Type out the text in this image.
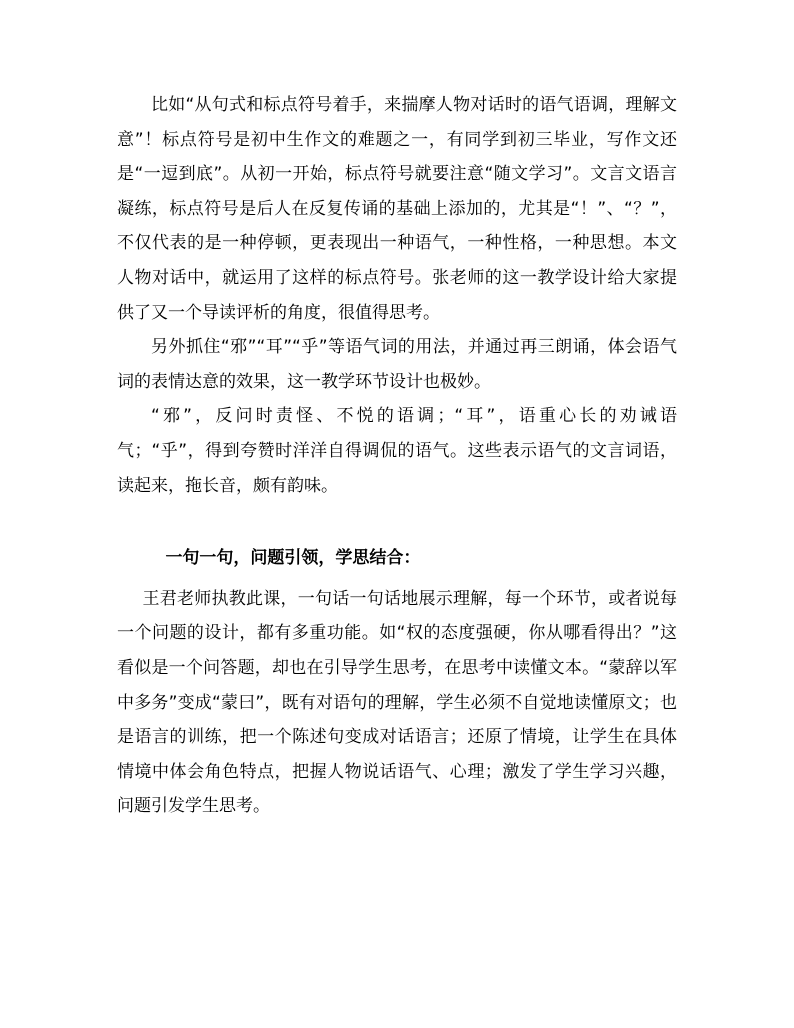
比如“从句式和标点符号着手，来揣摩人物对话时的语气语调，理解文意”！标点符号是初中生作文的难题之一，有同学到初三毕业，写作文还是“一逗到底”。从初一开始，标点符号就要注意“随文学习”。文言文语言凝练，标点符号是后人在反复传诵的基础上添加的，尤其是“！”、“？”，不仅代表的是一种停顿，更表现出一种语气，一种性格，一种思想。本文人物对话中，就运用了这样的标点符号。张老师的这一教学设计给大家提供了又一个导读评析的角度，很值得思考。

另外抓住“邪”“耳”“乎”等语气词的用法，并通过再三朗诵，体会语气词的表情达意的效果，这一教学环节设计也极妙。

“邪”，反问时责怪、不悦的语调；“耳”，语重心长的劝诫语气；“乎”，得到夸赞时洋洋自得调侃的语气。这些表示语气的文言词语，读起来，拖长音，颇有韵味。

一句一句，问题引领，学思结合：

王君老师执教此课，一句话一句话地展示理解，每一个环节，或者说每一个问题的设计，都有多重功能。如“权的态度强硬，你从哪看得出？”这看似是一个问答题，却也在引导学生思考，在思考中读懂文本。“蒙辞以军中多务”变成“蒙曰”，既有对语句的理解，学生必须不自觉地读懂原文；也是语言的训练，把一个陈述句变成对话语言；还原了情境，让学生在具体情境中体会角色特点，把握人物说话语气、心理；激发了学生学习兴趣，问题引发学生思考。
